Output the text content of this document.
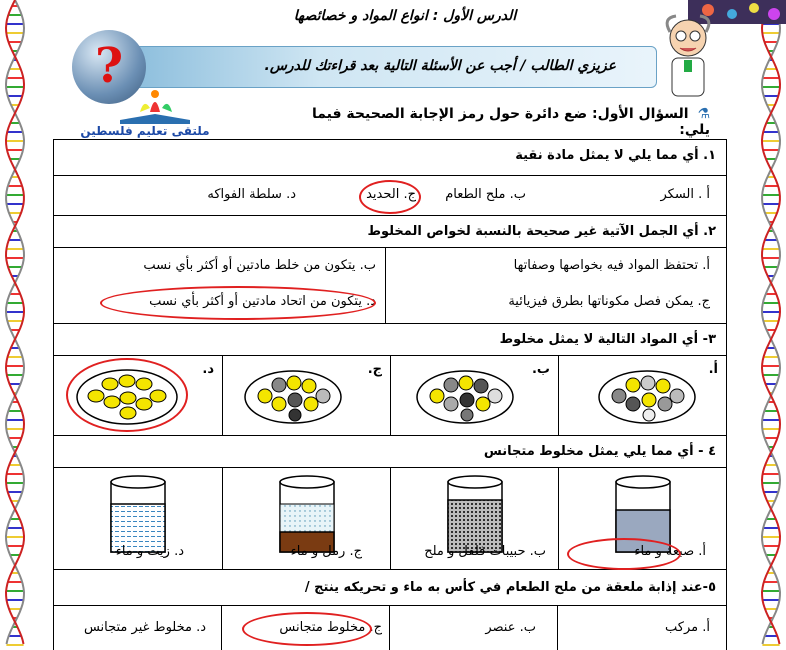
الدرس الأول : انواع المواد و خصائصها
عزيزي الطالب / أجب عن الأسئلة التالية بعد قراءتك للدرس.
?
ملتقى تعليم فلسطين
⚗ السؤال الأول: ضع دائرة حول رمز الإجابة الصحيحة فيما يلي:
١. أي مما يلي لا يمثل مادة نقية
أ . السكر
ب. ملح الطعام
ج. الحديد
د. سلطة الفواكه
٢. أي الجمل الآتية غير صحيحة بالنسبة لخواص المخلوط
أ. تحتفظ المواد فيه بخواصها وصفاتها
ب. يتكون من خلط مادتين أو أكثر بأي نسب
ج. يمكن فصل مكوناتها بطرق فيزيائية
د. يتكون من اتحاد مادتين أو أكثر بأي نسب
٣- أي المواد التالية لا يمثل مخلوط
أ.
ب.
ج.
د.
٤ - أي مما يلي يمثل مخلوط متجانس
أ. صبغة و ماء
ب. حبيبات فلفل و ملح
ج. رمل و ماء
د. زيت و ماء
٥-عند إذابة ملعقة من ملح الطعام في كأس به ماء و تحريكه ينتج /
أ. مركب
ب. عنصر
ج. مخلوط متجانس
د. مخلوط غير متجانس
